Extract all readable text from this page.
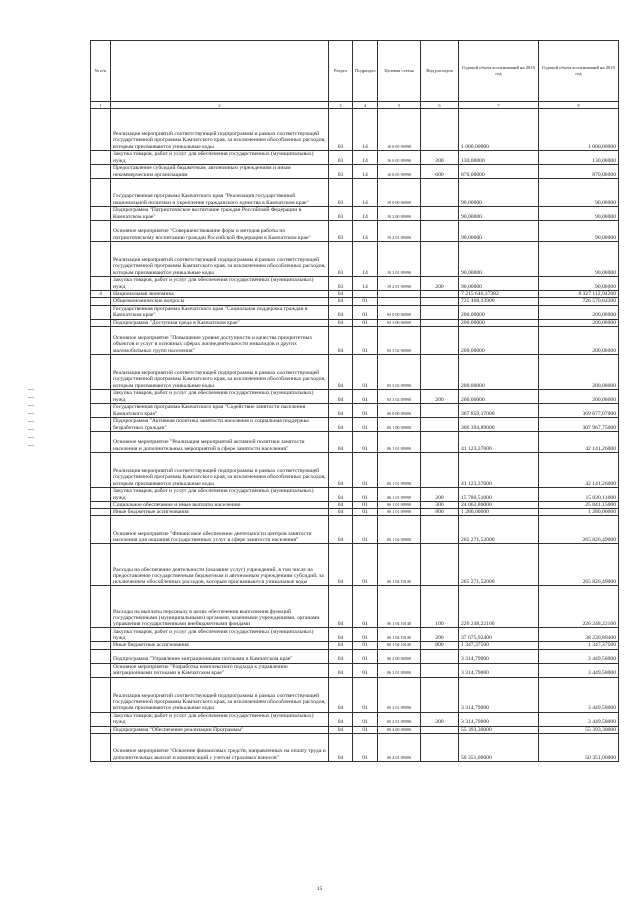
№ п/п		Раздел	Подраздел	Целевая статья	Вид расходов	Годовой объем ассигнований на 2018 год	Годовой объем ассигнований на 2019 год
1	2	3	4	5	6	7	8
	Реализация мероприятий соответствующей подпрограммы в рамках соответствующей государственной программы Камчатского края, за исключением обособленных расходов, которым присваиваются уникальные коды	03	14	16 6 05 09990		1 000,00000	1 000,00000
	Закупка товаров, работ и услуг для обеспечения государственных (муниципальных) нужд	03	14	16 6 05 09990	200	130,00000	130,00000
	Предоставление субсидий бюджетным, автономным учреждениям и иным некоммерческим организациям	03	14	16 6 05 09990	600	870,00000	870,00000
	Государственная программа Камчатского края "Реализация государственной национальной политики и укрепление гражданского единства в Камчатском крае"	03	14	19 0 00 00000		90,00000	90,00000
	Подпрограмма "Патриотическое воспитание граждан Российской Федерации в Камчатском крае"	03	14	19 2 00 00000		90,00000	90,00000
	Основное мероприятие "Совершенствование форм и методов работы по патриотическому воспитанию граждан Российской Федерации в Камчатском крае"	03	14	19 2 01 00000		90,00000	90,00000
	Реализация мероприятий соответствующей подпрограммы в рамках соответствующей государственной программы Камчатского края, за исключением обособленных расходов, которым присваиваются уникальные коды	03	14	19 2 01 09990		90,00000	90,00000
	Закупка товаров, работ и услуг для обеспечения государственных (муниципальных) нужд	03	14	19 2 01 09990	200	90,00000	90,00000
4	Национальная экономика	04				7 215 646,37382	8 327 112,94260
	Общеэкономические вопросы	04	01			735 468,23900	726 570,64300
	Государственная программа Камчатского края "Социальная поддержка граждан в Камчатском крае"	04	01	03 0 00 00000		200,00000	200,00000
	Подпрограмма "Доступная среда в Камчатском крае"	04	01	03 3 00 00000		200,00000	200,00000
	Основное мероприятие "Повышение уровня доступности и качества приоритетных объектов и услуг в основных сферах жизнедеятельности инвалидов и других маломобильных групп населения"	04	01	03 3 02 00000		200,00000	200,00000
	Реализация мероприятий соответствующей подпрограммы в рамках соответствующей государственной программы Камчатского края, за исключением обособленных расходов, которым присваиваются уникальные коды	04	01	03 3 02 09990		200,00000	200,00000
	Закупка товаров, работ и услуг для обеспечения государственных (муниципальных) нужд	04	01	03 3 02 09990	200	200,00000	200,00000
	Государственная программа Камчатского края "Содействие занятости населения Камчатского края"	04	01	06 0 00 00000		367 859,17000	369 677,07000
	Подпрограмма "Активная политика занятости населения и социальная поддержка безработных граждан"	04	01	06 1 00 00000		306 394,89000	307 967,75000
	Основное мероприятие "Реализация мероприятий активной политики занятости населения и дополнительных мероприятий в сфере занятости населения"	04	01	06 1 01 00000		41 123,37000	42 141,26000
	Реализация мероприятий соответствующей подпрограммы в рамках соответствующей государственной программы Камчатского края, за исключением обособленных расходов, которым присваиваются уникальные коды	04	01	06 1 01 09990		41 123,37000	42 141,26000
	Закупка товаров, работ и услуг для обеспечения государственных (муниципальных) нужд	04	01	06 1 01 09990	200	15 780,51000	15 020,11000
	Социальное обеспечение и иные выплаты населению	04	01	06 1 01 09990	300	24 062,86000	25 841,15000
	Иные бюджетные ассигнования	04	01	06 1 01 09990	800	1 280,00000	1 280,00000
	Основное мероприятие "Финансовое обеспечение деятельности центров занятости населения для оказания государственных услуг в сфере занятости населения"	04	01	06 1 04 00000		265 271,52000	265 826,49000
	Расходы на обеспечение деятельности (оказание услуг) учреждений, в том числе на предоставление государственным бюджетным и автономным учреждениям субсидий, за исключением обособленных расходов, которым присваиваются уникальные коды	04	01	06 1 04 10140		265 271,52000	265 826,49000
	Расходы на выплаты персоналу в целях обеспечения выполнения функций государственными (муниципальными) органами, казенными учреждениями, органами управления государственными внебюджетными фондами	04	01	06 1 04 10140	100	226 248,22100	226 248,22100
	Закупка товаров, работ и услуг для обеспечения государственных (муниципальных) нужд	04	01	06 1 04 10140	200	37 675,92400	38 230,89400
	Иные бюджетные ассигнования	04	01	06 1 04 10140	800	1 347,37500	1 347,37500
	Подпрограмма "Управление миграционными потоками в Камчатском крае"	04	01	06 2 00 00000		3 314,79000	3 449,58000
	Основное мероприятие "Разработка комплексного подхода к управлению миграционными потоками в Камчатском крае"	04	01	06 2 01 00000		3 314,79000	3 449,58000
	Реализация мероприятий соответствующей подпрограммы в рамках соответствующей государственной программы Камчатского края, за исключением обособленных расходов, которым присваиваются уникальные коды	04	01	06 2 01 09990		3 314,79000	3 449,58000
	Закупка товаров, работ и услуг для обеспечения государственных (муниципальных) нужд	04	01	06 2 01 09990	200	3 314,79000	3 449,58000
	Подпрограмма "Обеспечение реализации Программы"	04	01	06 4 00 00000		55 393,30000	55 393,30000
	Основное мероприятие "Освоение финансовых средств, направленных на оплату труда и дополнительных выплат и компенсаций с учетом страховых взносов"	04	01	06 4 01 00000		50 351,00000	50 351,00000
15
